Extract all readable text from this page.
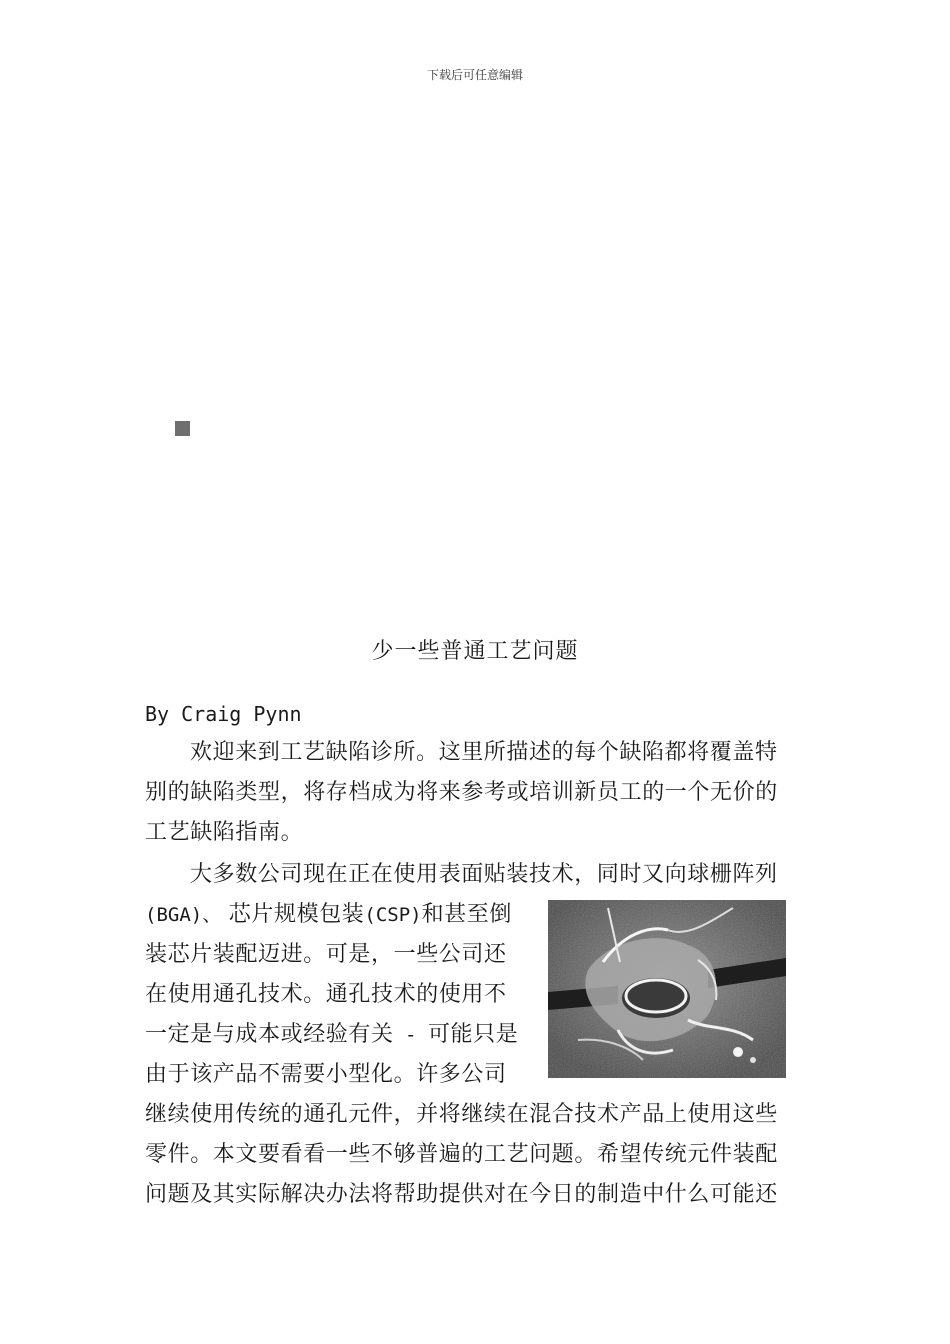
下载后可任意编辑
少一些普通工艺问题
By Craig Pynn
欢迎来到工艺缺陷诊所。这里所描述的每个缺陷都将覆盖特
别的缺陷类型，将存档成为将来参考或培训新员工的一个无价的
工艺缺陷指南。
大多数公司现在正在使用表面贴装技术，同时又向球栅阵列
(BGA)、 芯片规模包装(CSP)和甚至倒
装芯片装配迈进。可是，一些公司还
在使用通孔技术。通孔技术的使用不
一定是与成本或经验有关 - 可能只是
由于该产品不需要小型化。许多公司
继续使用传统的通孔元件，并将继续在混合技术产品上使用这些
零件。本文要看看一些不够普遍的工艺问题。希望传统元件装配
问题及其实际解决办法将帮助提供对在今日的制造中什么可能还
